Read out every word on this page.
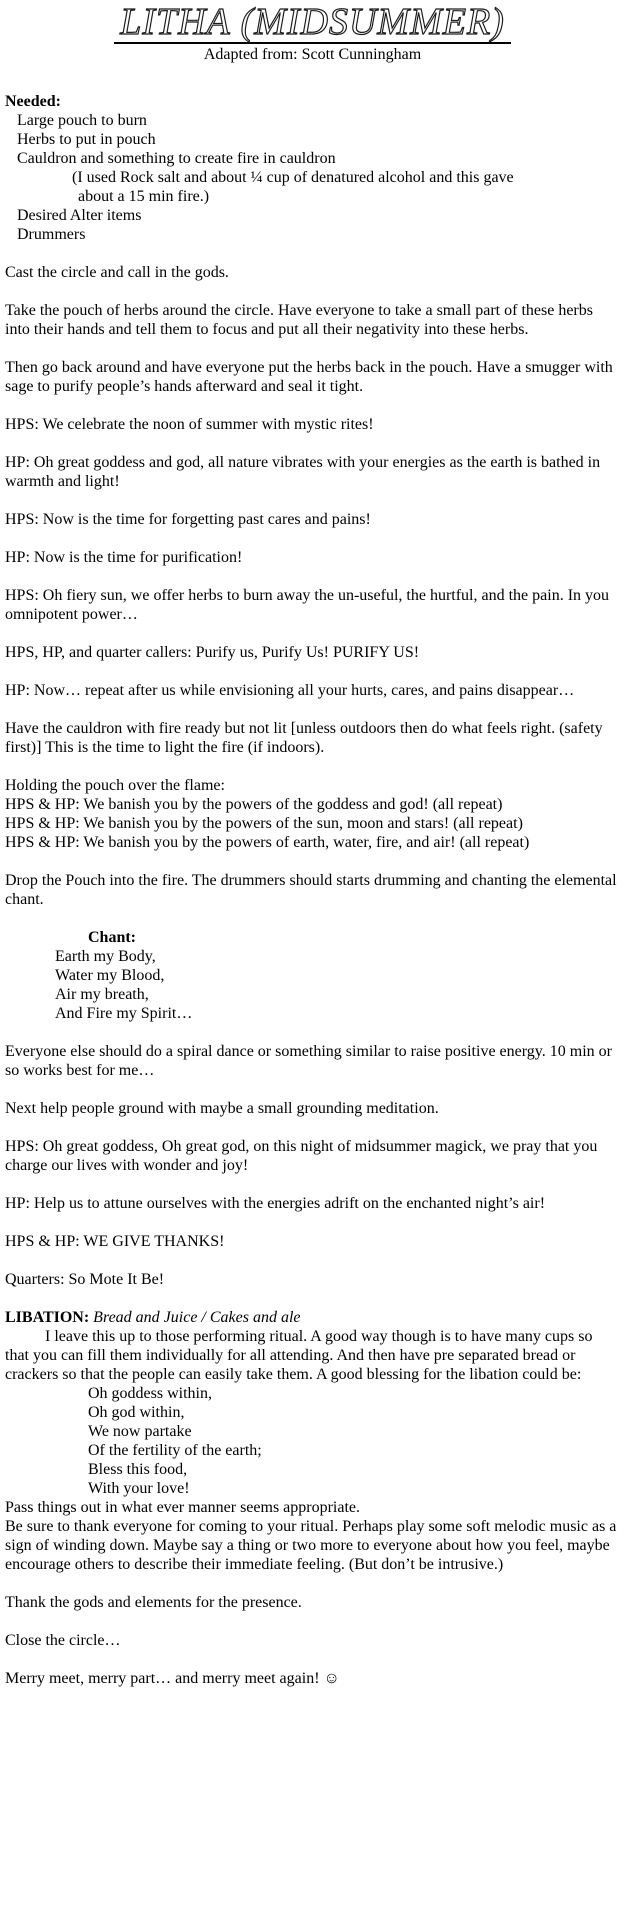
LITHA (MIDSUMMER)
Adapted from: Scott Cunningham
Needed:
Large pouch to burn
Herbs to put in pouch
Cauldron and something to create fire in cauldron
(I used Rock salt and about ¼ cup of denatured alcohol and this gave
about a 15 min fire.)
Desired Alter items
Drummers

Cast the circle and call in the gods.

Take the pouch of herbs around the circle. Have everyone to take a small part of these herbs into their hands and tell them to focus and put all their negativity into these herbs.

Then go back around and have everyone put the herbs back in the pouch. Have a smugger with sage to purify people’s hands afterward and seal it tight.

HPS: We celebrate the noon of summer with mystic rites!

HP: Oh great goddess and god, all nature vibrates with your energies as the earth is bathed in warmth and light!

HPS: Now is the time for forgetting past cares and pains!

HP: Now is the time for purification!

HPS: Oh fiery sun, we offer herbs to burn away the un-useful, the hurtful, and the pain. In you omnipotent power…

HPS, HP, and quarter callers: Purify us, Purify Us! PURIFY US!

HP: Now… repeat after us while envisioning all your hurts, cares, and pains disappear…

Have the cauldron with fire ready but not lit [unless outdoors then do what feels right. (safety first)] This is the time to light the fire (if indoors).

Holding the pouch over the flame:
HPS & HP: We banish you by the powers of the goddess and god! (all repeat)
HPS & HP: We banish you by the powers of the sun, moon and stars! (all repeat)
HPS & HP: We banish you by the powers of earth, water, fire, and air! (all repeat)

Drop the Pouch into the fire. The drummers should starts drumming and chanting the elemental chant.

Chant:
Earth my Body,
Water my Blood,
Air my breath,
And Fire my Spirit…

Everyone else should do a spiral dance or something similar to raise positive energy. 10 min or so works best for me…

Next help people ground with maybe a small grounding meditation.

HPS: Oh great goddess, Oh great god, on this night of midsummer magick, we pray that you charge our lives with wonder and joy!

HP: Help us to attune ourselves with the energies adrift on the enchanted night’s air!

HPS & HP: WE GIVE THANKS!

Quarters: So Mote It Be!

LIBATION: Bread and Juice / Cakes and ale

I leave this up to those performing ritual. A good way though is to have many cups so that you can fill them individually for all attending. And then have pre separated bread or crackers so that the people can easily take them. A good blessing for the libation could be:

Oh goddess within,
Oh god within,
We now partake
Of the fertility of the earth;
Bless this food,
With your love!
Pass things out in what ever manner seems appropriate.
Be sure to thank everyone for coming to your ritual. Perhaps play some soft melodic music as a sign of winding down. Maybe say a thing or two more to everyone about how you feel, maybe encourage others to describe their immediate feeling. (But don’t be intrusive.)

Thank the gods and elements for the presence.

Close the circle…

Merry meet, merry part… and merry meet again! ☺
